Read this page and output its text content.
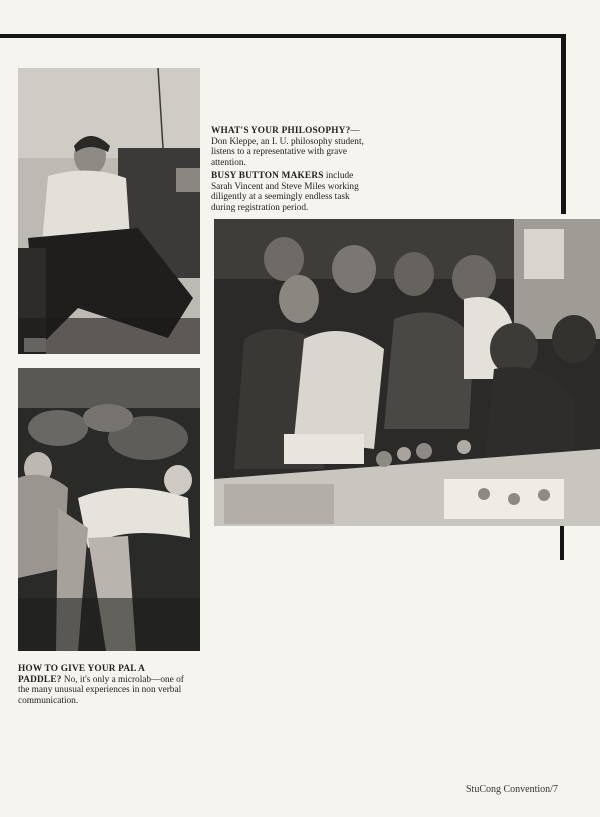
WHAT'S YOUR PHILOSOPHY?—Don Kleppe, an I. U. philosophy student, listens to a representative with grave attention.
BUSY BUTTON MAKERS include Sarah Vincent and Steve Miles working diligently at a seemingly endless task during registration period.
HOW TO GIVE YOUR PAL A PADDLE? No, it's only a microlab—one of the many unusual experiences in non verbal communication.
StuCong Convention/7
